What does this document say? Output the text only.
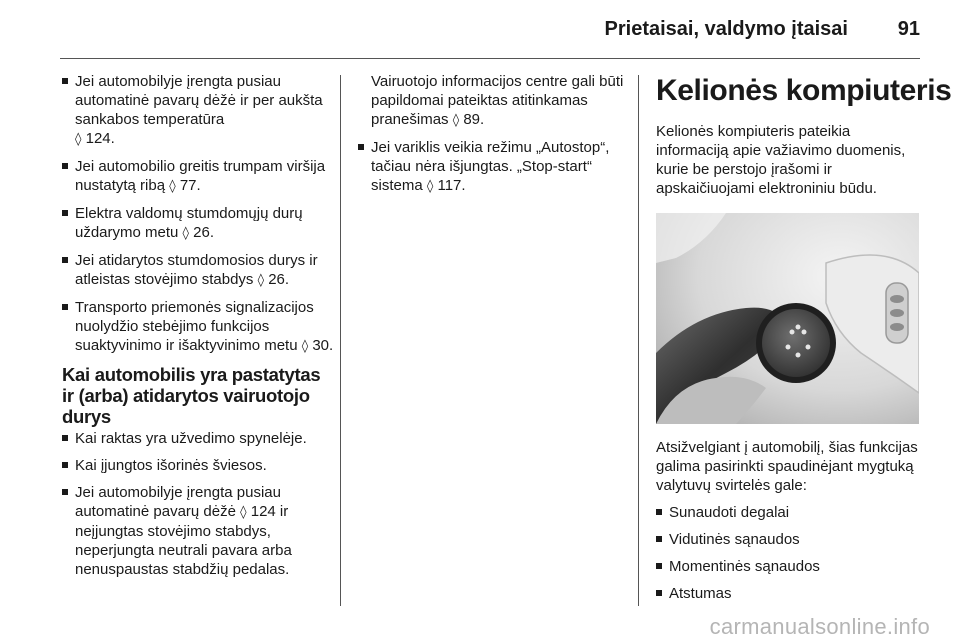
Prietaisai, valdymo įtaisai	91
Jei automobilyje įrengta pusiau automatinė pavarų dėžė ir per aukšta sankabos temperatūra
◊ 124.
Jei automobilio greitis trumpam viršija nustatytą ribą ◊ 77.
Elektra valdomų stumdomųjų durų uždarymo metu ◊ 26.
Jei atidarytos stumdomosios durys ir atleistas stovėjimo stabdys ◊ 26.
Transporto priemonės signalizacijos nuolydžio stebėjimo funkcijos suaktyvinimo ir išaktyvinimo metu ◊ 30.
Kai automobilis yra pastatytas ir (arba) atidarytos vairuotojo durys
Kai raktas yra užvedimo spynelėje.
Kai įjungtos išorinės šviesos.
Jei automobilyje įrengta pusiau automatinė pavarų dėžė ◊ 124 ir neįjungtas stovėjimo stabdys, neperjungta neutrali pavara arba nenuspaustas stabdžių pedalas.

Vairuotojo informacijos centre gali būti papildomai pateiktas atitinkamas pranešimas ◊ 89.

Jei variklis veikia režimu „Autostop“, tačiau nėra išjungtas. „Stop-start“ sistema ◊ 117.
Kelionės kompiuteris

Kelionės kompiuteris pateikia informaciją apie važiavimo duomenis, kurie be perstojo įrašomi ir apskaičiuojami elektroniniu būdu.

Atsižvelgiant į automobilį, šias funkcijas galima pasirinkti spaudinėjant mygtuką valytuvų svirtelės gale:

Sunaudoti degalai
Vidutinės sąnaudos
Momentinės sąnaudos
Atstumas
carmanualsonline.info
